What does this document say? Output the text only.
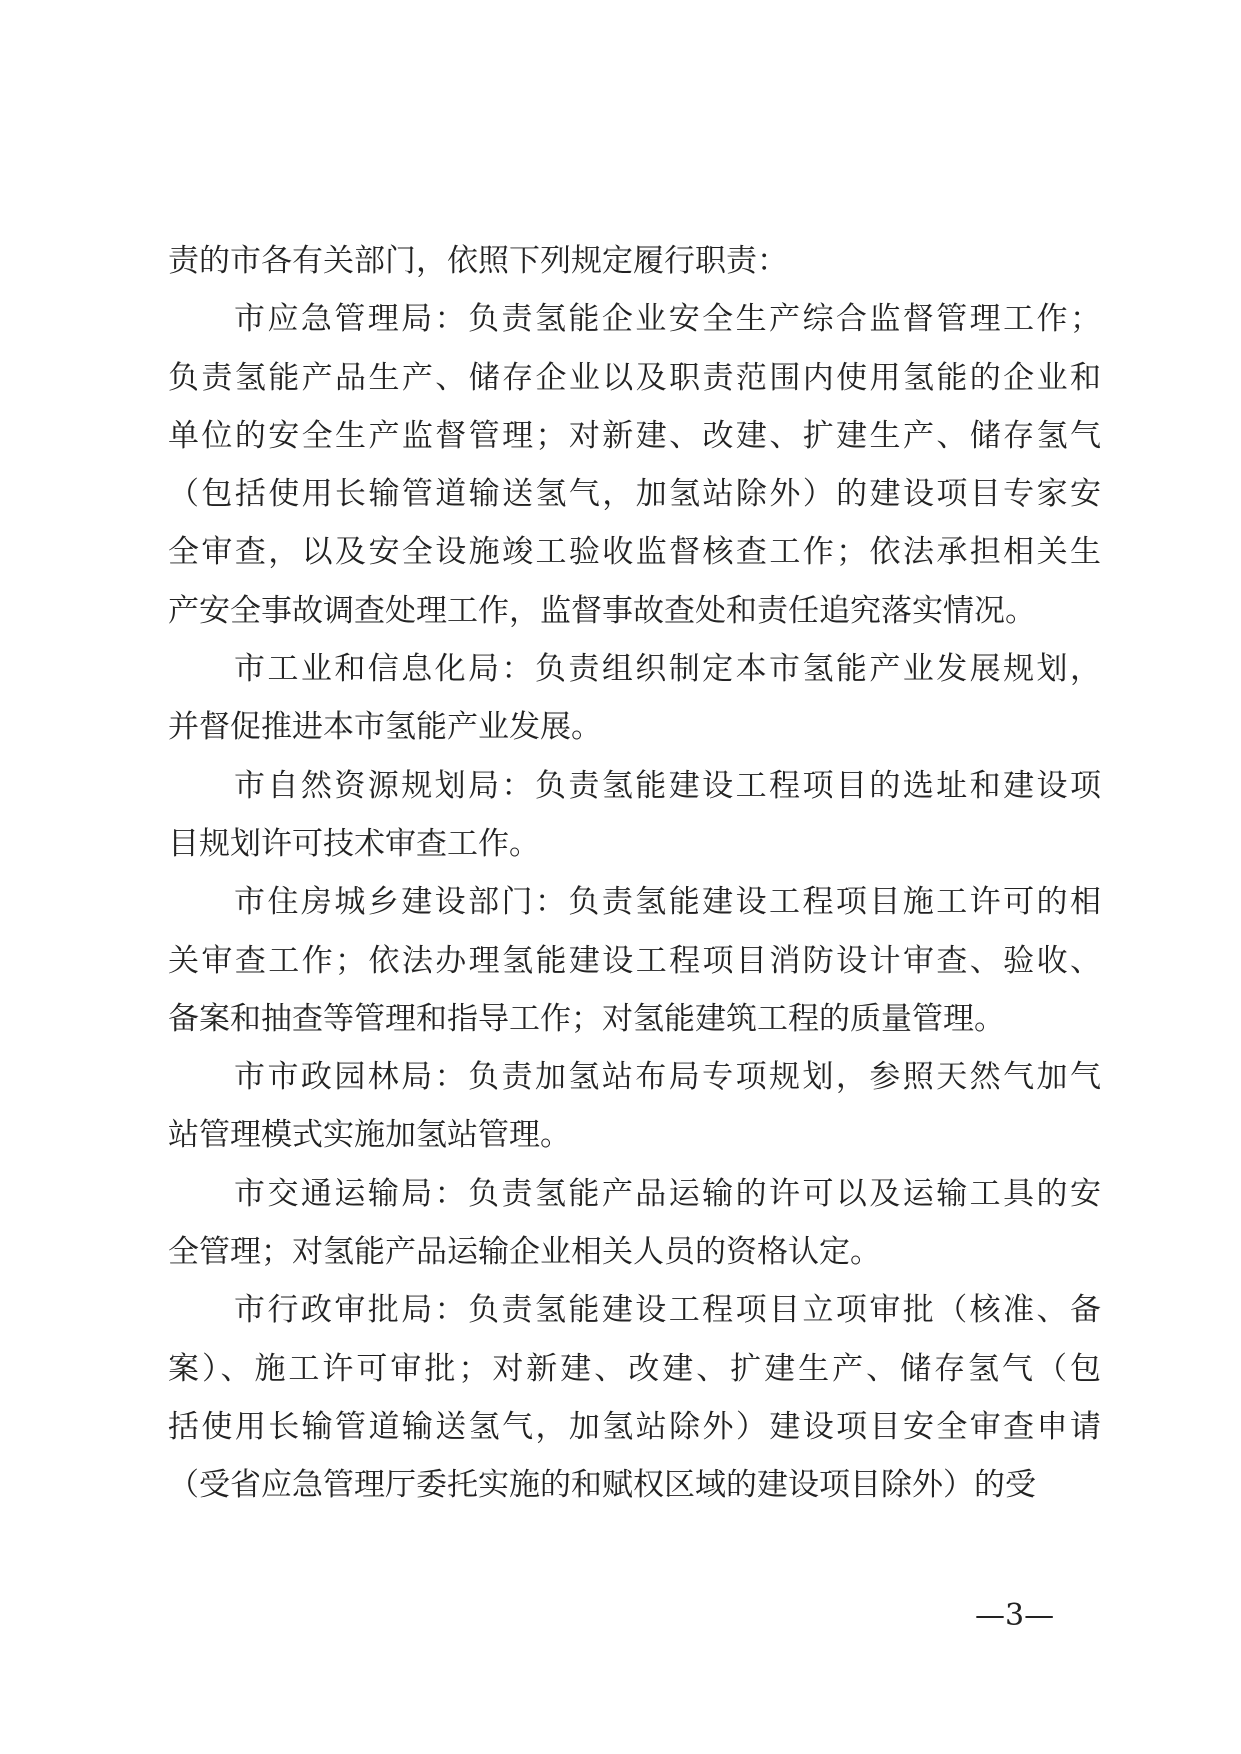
责的市各有关部门，依照下列规定履行职责：
市应急管理局：负责氢能企业安全生产综合监督管理工作；
负责氢能产品生产、储存企业以及职责范围内使用氢能的企业和
单位的安全生产监督管理；对新建、改建、扩建生产、储存氢气
（包括使用长输管道输送氢气，加氢站除外）的建设项目专家安
全审查，以及安全设施竣工验收监督核查工作；依法承担相关生
产安全事故调查处理工作，监督事故查处和责任追究落实情况。
市工业和信息化局：负责组织制定本市氢能产业发展规划，
并督促推进本市氢能产业发展。
市自然资源规划局：负责氢能建设工程项目的选址和建设项
目规划许可技术审查工作。
市住房城乡建设部门：负责氢能建设工程项目施工许可的相
关审查工作；依法办理氢能建设工程项目消防设计审查、验收、
备案和抽查等管理和指导工作；对氢能建筑工程的质量管理。
市市政园林局：负责加氢站布局专项规划，参照天然气加气
站管理模式实施加氢站管理。
市交通运输局：负责氢能产品运输的许可以及运输工具的安
全管理；对氢能产品运输企业相关人员的资格认定。
市行政审批局：负责氢能建设工程项目立项审批（核准、备
案）、施工许可审批；对新建、改建、扩建生产、储存氢气（包
括使用长输管道输送氢气，加氢站除外）建设项目安全审查申请
（受省应急管理厅委托实施的和赋权区域的建设项目除外）的受
—3—
